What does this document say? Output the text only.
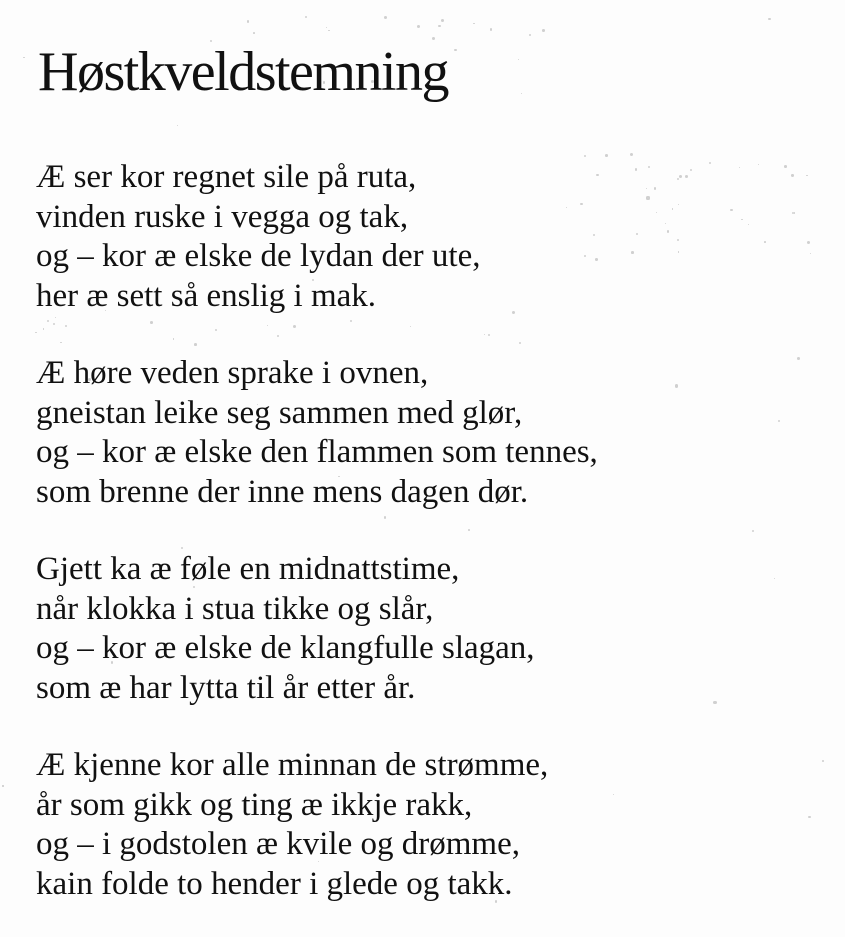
Høstkveldstemning
Æ ser kor regnet sile på ruta,
vinden ruske i vegga og tak,
og – kor æ elske de lydan der ute,
her æ sett så enslig i mak.
Æ høre veden sprake i ovnen,
gneistan leike seg sammen med glør,
og – kor æ elske den flammen som tennes,
som brenne der inne mens dagen dør.
Gjett ka æ føle en midnattstime,
når klokka i stua tikke og slår,
og – kor æ elske de klangfulle slagan,
som æ har lytta til år etter år.
Æ kjenne kor alle minnan de strømme,
år som gikk og ting æ ikkje rakk,
og – i godstolen æ kvile og drømme,
kain folde to hender i glede og takk.
